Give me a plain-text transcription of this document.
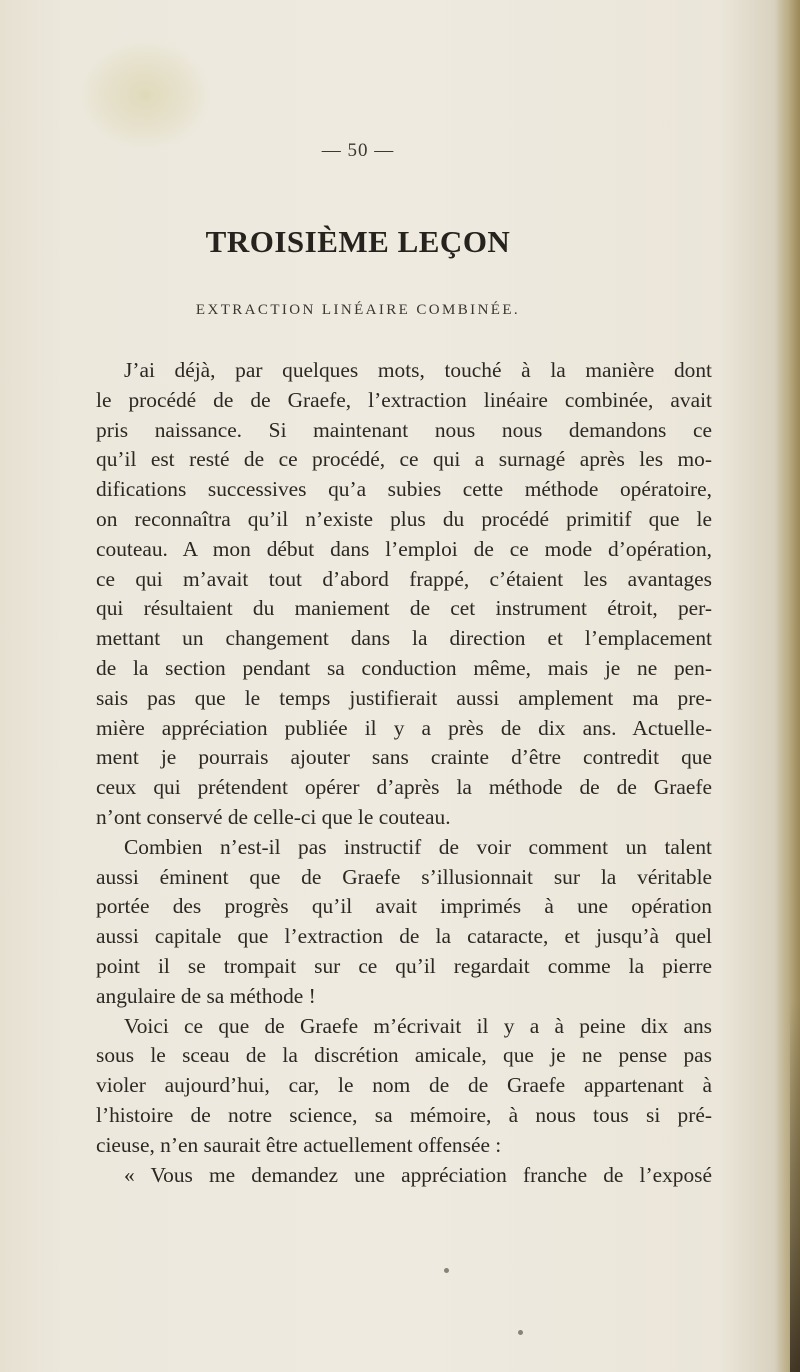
— 50 —
TROISIÈME LEÇON
EXTRACTION LINÉAIRE COMBINÉE.
J’ai déjà, par quelques mots, touché à la manière dont
le procédé de de Graefe, l’extraction linéaire combinée, avait
pris naissance. Si maintenant nous nous demandons ce
qu’il est resté de ce procédé, ce qui a surnagé après les mo-
difications successives qu’a subies cette méthode opératoire,
on reconnaîtra qu’il n’existe plus du procédé primitif que le
couteau. A mon début dans l’emploi de ce mode d’opération,
ce qui m’avait tout d’abord frappé, c’étaient les avantages
qui résultaient du maniement de cet instrument étroit, per-
mettant un changement dans la direction et l’emplacement
de la section pendant sa conduction même, mais je ne pen-
sais pas que le temps justifierait aussi amplement ma pre-
mière appréciation publiée il y a près de dix ans. Actuelle-
ment je pourrais ajouter sans crainte d’être contredit que
ceux qui prétendent opérer d’après la méthode de de Graefe
n’ont conservé de celle-ci que le couteau.
Combien n’est-il pas instructif de voir comment un talent
aussi éminent que de Graefe s’illusionnait sur la véritable
portée des progrès qu’il avait imprimés à une opération
aussi capitale que l’extraction de la cataracte, et jusqu’à quel
point il se trompait sur ce qu’il regardait comme la pierre
angulaire de sa méthode !
Voici ce que de Graefe m’écrivait il y a à peine dix ans
sous le sceau de la discrétion amicale, que je ne pense pas
violer aujourd’hui, car, le nom de de Graefe appartenant à
l’histoire de notre science, sa mémoire, à nous tous si pré-
cieuse, n’en saurait être actuellement offensée :
« Vous me demandez une appréciation franche de l’exposé
